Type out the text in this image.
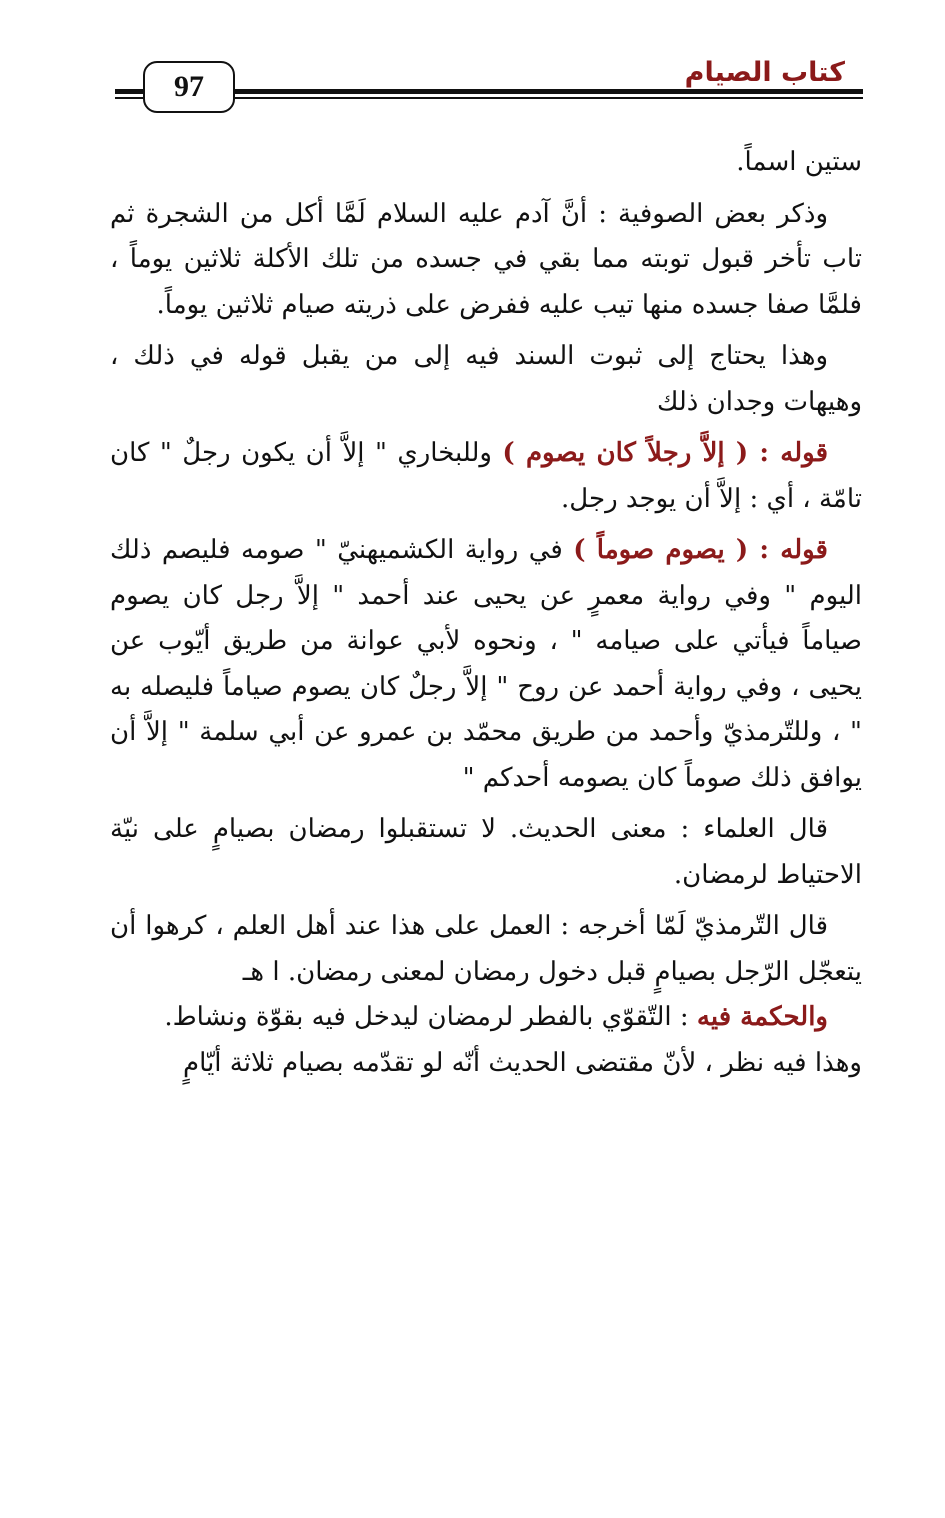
كتاب الصيام
97

ستين اسماً.

وذكر بعض الصوفية : أنَّ آدم عليه السلام لَمَّا أكل من الشجرة ثم تاب تأخر قبول توبته مما بقي في جسده من تلك الأكلة ثلاثين يوماً ، فلمَّا صفا جسده منها تيب عليه ففرض على ذريته صيام ثلاثين يوماً.

وهذا يحتاج إلى ثبوت السند فيه إلى من يقبل قوله في ذلك ، وهيهات وجدان ذلك

قوله : ( إلاَّ رجلاً كان يصوم ) وللبخاري " إلاَّ أن يكون رجلٌ " كان تامّة ، أي : إلاَّ أن يوجد رجل.

قوله : ( يصوم صوماً ) في رواية الكشميهنيّ " صومه فليصم ذلك اليوم " وفي رواية معمرٍ عن يحيى عند أحمد " إلاَّ رجل كان يصوم صياماً فيأتي على صيامه " ، ونحوه لأبي عوانة من طريق أيّوب عن يحيى ، وفي رواية أحمد عن روح " إلاَّ رجلٌ كان يصوم صياماً فليصله به " ، وللتّرمذيّ وأحمد من طريق محمّد بن عمرو عن أبي سلمة " إلاَّ أن يوافق ذلك صوماً كان يصومه أحدكم "

قال العلماء : معنى الحديث. لا تستقبلوا رمضان بصيامٍ على نيّة الاحتياط لرمضان.

قال التّرمذيّ لَمّا أخرجه : العمل على هذا عند أهل العلم ، كرهوا أن يتعجّل الرّجل بصيامٍ قبل دخول رمضان لمعنى رمضان. ا هـ

والحكمة فيه : التّقوّي بالفطر لرمضان ليدخل فيه بقوّة ونشاط.

وهذا فيه نظر ، لأنّ مقتضى الحديث أنّه لو تقدّمه بصيام ثلاثة أيّامٍ
